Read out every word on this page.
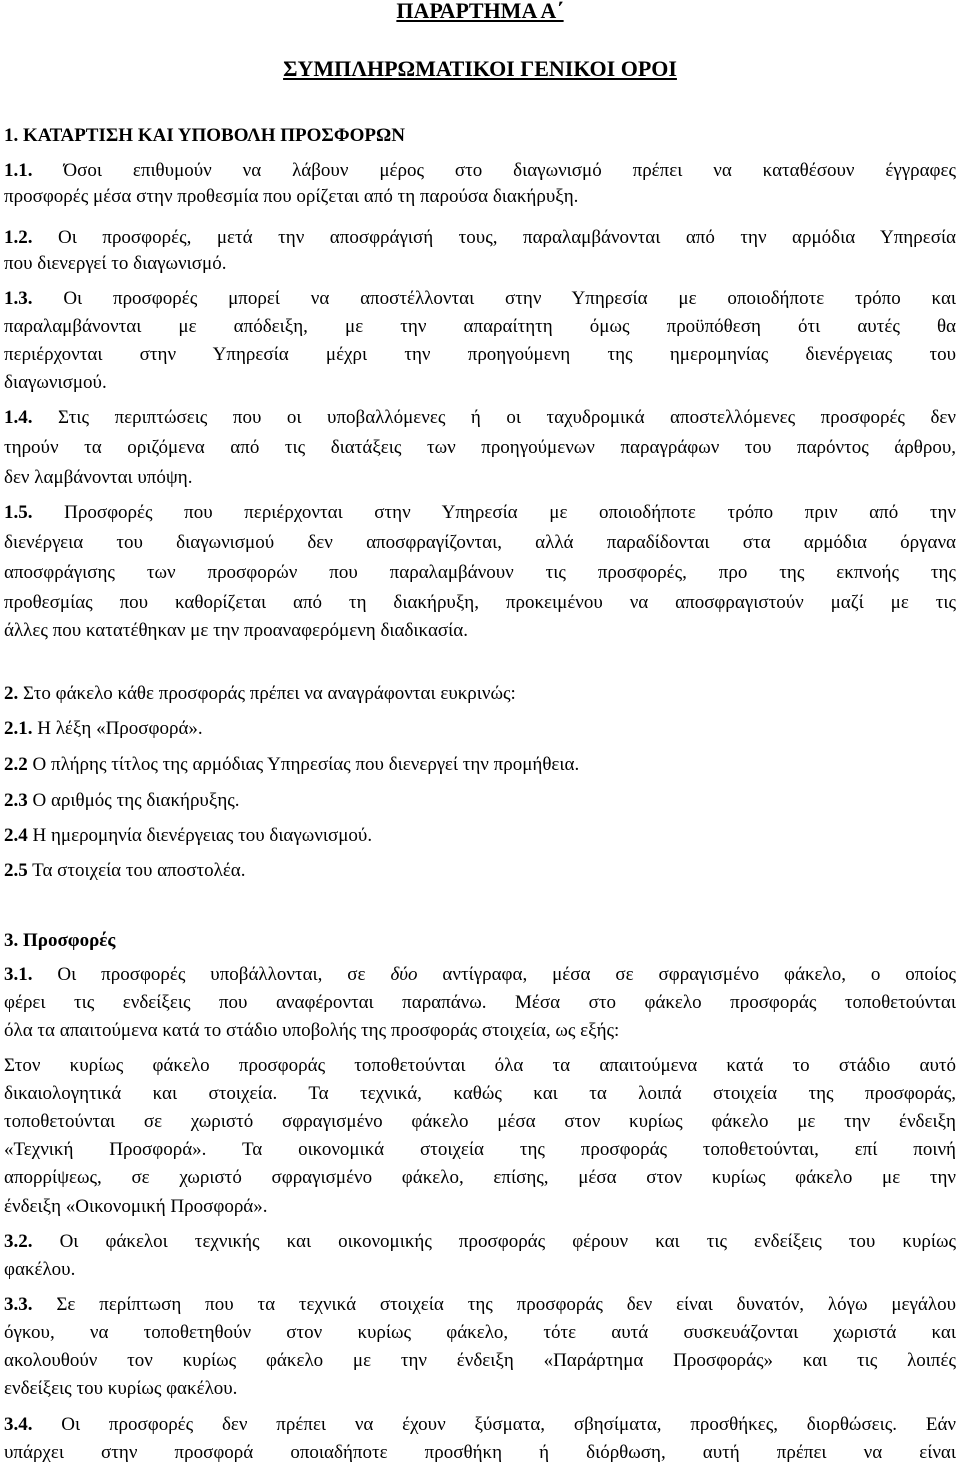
ΠΑΡΑΡΤΗΜΑ Α΄
ΣΥΜΠΛΗΡΩΜΑΤΙΚΟΙ ΓΕΝΙΚΟΙ ΟΡΟΙ
1. ΚΑΤΑΡΤΙΣΗ ΚΑΙ ΥΠΟΒΟΛΗ ΠΡΟΣΦΟΡΩΝ
1.1. Όσοι επιθυμούν να λάβουν μέρος στο διαγωνισμό πρέπει να καταθέσουν έγγραφες
προσφορές μέσα στην προθεσμία που ορίζεται από τη παρούσα διακήρυξη.
1.2. Οι προσφορές, μετά την αποσφράγισή τους, παραλαμβάνονται από την αρμόδια Υπηρεσία
που διενεργεί το διαγωνισμό.
1.3. Οι προσφορές μπορεί να αποστέλλονται στην Υπηρεσία με οποιοδήποτε τρόπο και
παραλαμβάνονται με απόδειξη, με την απαραίτητη όμως προϋπόθεση ότι αυτές θα
περιέρχονται στην Υπηρεσία μέχρι την προηγούμενη της ημερομηνίας διενέργειας του
διαγωνισμού.
1.4. Στις περιπτώσεις που οι υποβαλλόμενες ή οι ταχυδρομικά αποστελλόμενες προσφορές δεν
τηρούν τα οριζόμενα από τις διατάξεις των προηγούμενων παραγράφων του παρόντος άρθρου,
δεν λαμβάνονται υπόψη.
1.5. Προσφορές που περιέρχονται στην Υπηρεσία με οποιοδήποτε τρόπο πριν από την
διενέργεια του διαγωνισμού δεν αποσφραγίζονται, αλλά παραδίδονται στα αρμόδια όργανα
αποσφράγισης των προσφορών που παραλαμβάνουν τις προσφορές, προ της εκπνοής της
προθεσμίας που καθορίζεται από τη διακήρυξη, προκειμένου να αποσφραγιστούν μαζί με τις
άλλες που κατατέθηκαν με την προαναφερόμενη διαδικασία.
2. Στο φάκελο κάθε προσφοράς πρέπει να αναγράφονται ευκρινώς:
2.1. Η λέξη «Προσφορά».
2.2 Ο πλήρης τίτλος της αρμόδιας Υπηρεσίας που διενεργεί την προμήθεια.
2.3 Ο αριθμός της διακήρυξης.
2.4 Η ημερομηνία διενέργειας του διαγωνισμού.
2.5 Τα στοιχεία του αποστολέα.
3. Προσφορές
3.1. Οι προσφορές υποβάλλονται, σε δύο αντίγραφα, μέσα σε σφραγισμένο φάκελο, ο οποίος
φέρει τις ενδείξεις που αναφέρονται παραπάνω. Μέσα στο φάκελο προσφοράς τοποθετούνται
όλα τα απαιτούμενα κατά το στάδιο υποβολής της προσφοράς στοιχεία, ως εξής:
Στον κυρίως φάκελο προσφοράς τοποθετούνται όλα τα απαιτούμενα κατά το στάδιο αυτό
δικαιολογητικά και στοιχεία. Τα τεχνικά, καθώς και τα λοιπά στοιχεία της προσφοράς,
τοποθετούνται σε χωριστό σφραγισμένο φάκελο μέσα στον κυρίως φάκελο με την ένδειξη
«Τεχνική Προσφορά». Τα οικονομικά στοιχεία της προσφοράς τοποθετούνται, επί ποινή
απορρίψεως, σε χωριστό σφραγισμένο φάκελο, επίσης, μέσα στον κυρίως φάκελο με την
ένδειξη «Οικονομική Προσφορά».
3.2. Οι φάκελοι τεχνικής και οικονομικής προσφοράς φέρουν και τις ενδείξεις του κυρίως
φακέλου.
3.3. Σε περίπτωση που τα τεχνικά στοιχεία της προσφοράς δεν είναι δυνατόν, λόγω μεγάλου
όγκου, να τοποθετηθούν στον κυρίως φάκελο, τότε αυτά συσκευάζονται χωριστά και
ακολουθούν τον κυρίως φάκελο με την ένδειξη «Παράρτημα Προσφοράς» και τις λοιπές
ενδείξεις του κυρίως φακέλου.
3.4. Οι προσφορές δεν πρέπει να έχουν ξύσματα, σβησίματα, προσθήκες, διορθώσεις. Εάν
υπάρχει στην προσφορά οποιαδήποτε προσθήκη ή διόρθωση, αυτή πρέπει να είναι
